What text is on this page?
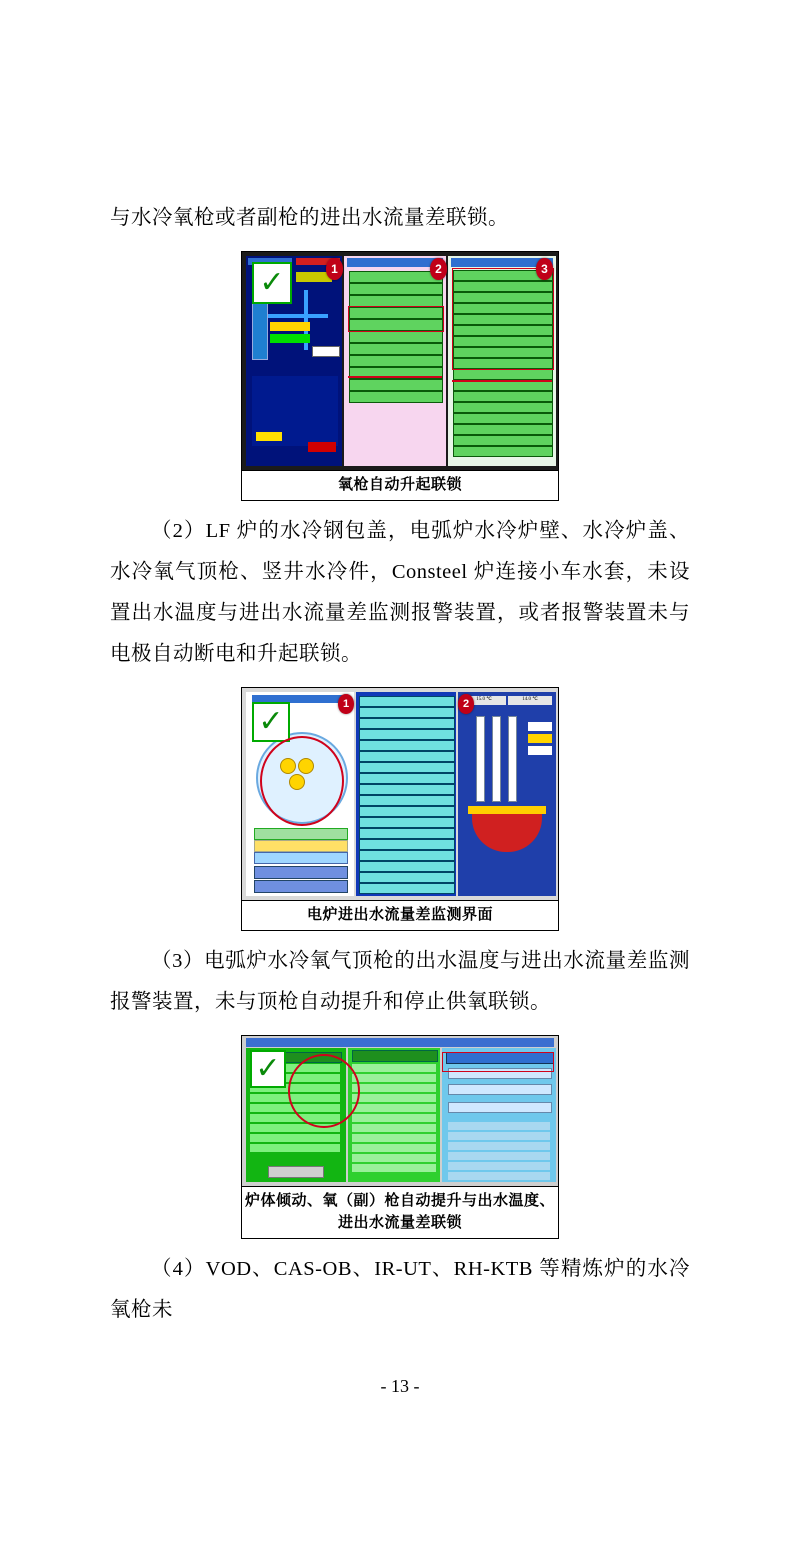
与水冷氧枪或者副枪的进出水流量差联锁。

✓	1	2	3
氧枪自动升起联锁

（2）LF 炉的水冷钢包盖，电弧炉水冷炉壁、水冷炉盖、水冷氧气顶枪、竖井水冷件，Consteel 炉连接小车水套，未设置出水温度与进出水流量差监测报警装置，或者报警装置未与电极自动断电和升起联锁。

15.0 ℃	14.0 ℃
✓	1	2
电炉进出水流量差监测界面

（3）电弧炉水冷氧气顶枪的出水温度与进出水流量差监测报警装置，未与顶枪自动提升和停止供氧联锁。

✓
炉体倾动、氧（副）枪自动提升与出水温度、
进出水流量差联锁

（4）VOD、CAS-OB、IR-UT、RH-KTB 等精炼炉的水冷氧枪未

- 13 -
